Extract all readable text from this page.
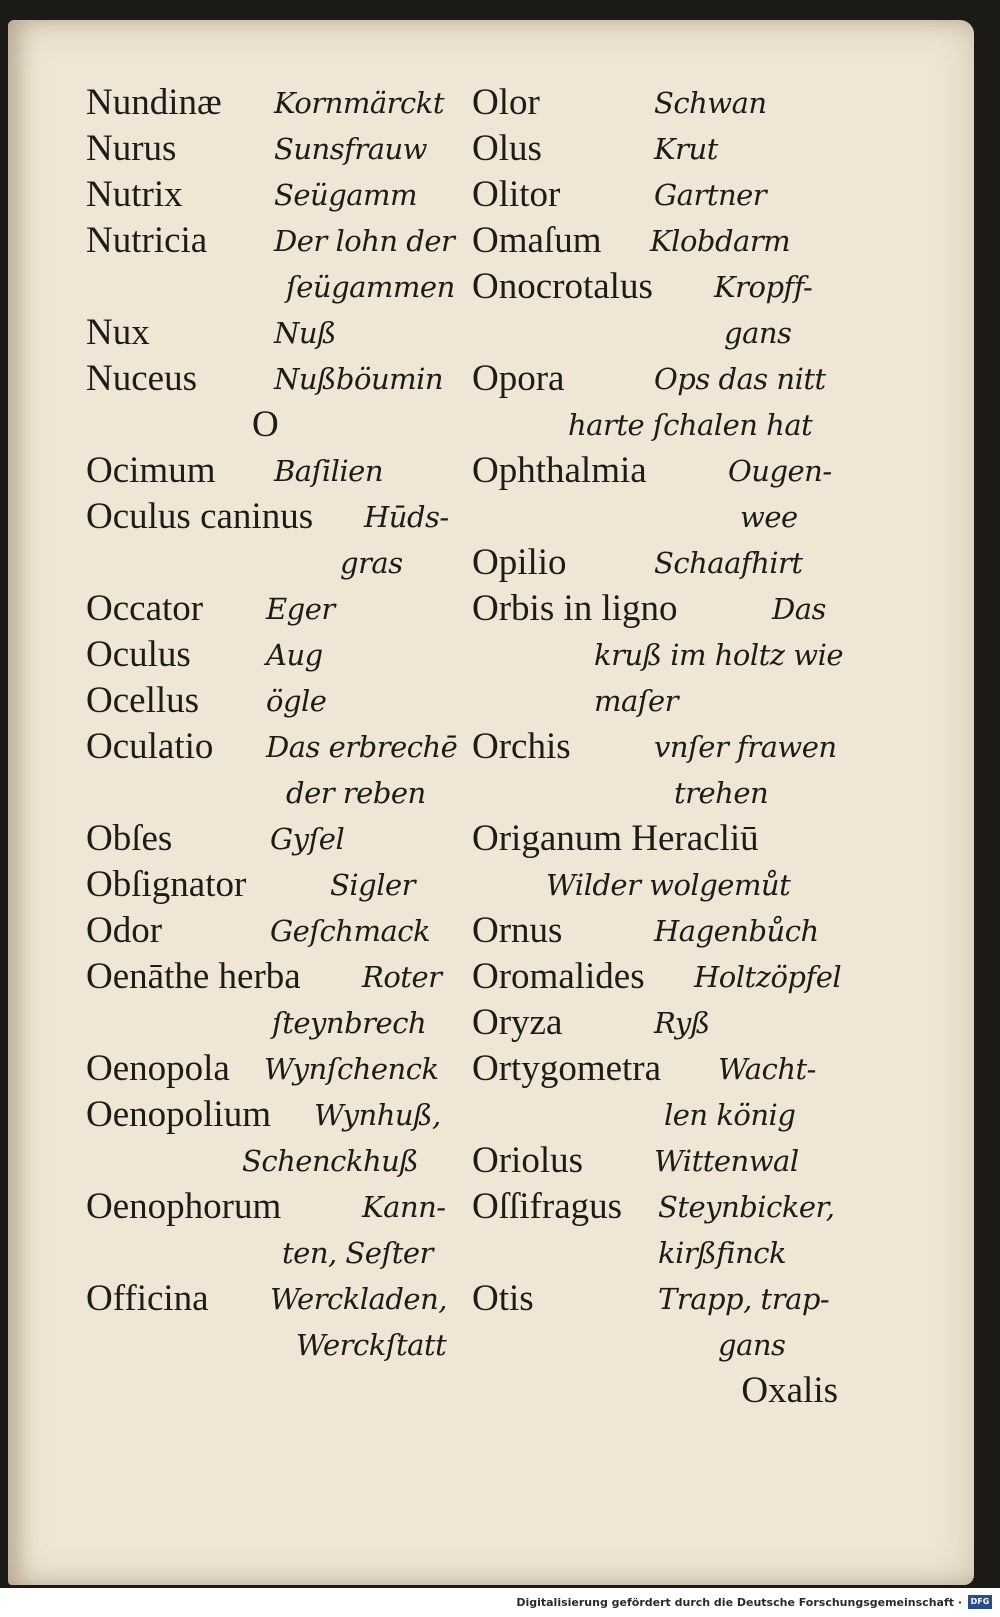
Nundinæ Kornmärckt
Nurus	Sunsfrauw
Nutrix	Seügamm
Nutricia Der lohn der
ſeügammen
Nux	Nuß
Nuceus	Nußböumin
O
Ocimum Baſilien
Oculus caninus Hūds-
gras
Occator Eger
Oculus	Aug
Ocellus ögle
Oculatio Das erbrechē
der reben
Obſes	Gyſel
Obſignator	Sigler
Odor	Geſchmack
Oenāthe herba Roter
ſteynbrech
Oenopola Wynſchenck
Oenopolium Wynhuß,
Schenckhuß
Oenophorum	Kann-
ten, Seſter
Officina Werckladen,
Werckſtatt
Olor	Schwan
Olus	Krut
Olitor	Gartner
Omaſum Klobdarm
Onocrotalus Kropff-
gans
Opora	Ops das nitt
harte ſchalen hat
Ophthalmia	Ougen-
wee
Opilio	Schaafhirt
Orbis in ligno	Das
kruß im holtz wie
maſer
Orchis	vnſer frawen
trehen
Origanum Heracliū
Wilder wolgemůt
Ornus	Hagenbůch
Oromalides Holtzöpfel
Oryza	Ryß
Ortygometra Wacht-
len könig
Oriolus Wittenwal
Oſſifragus Steynbicker,
kirßfinck
Otis	Trapp, trap-
gans
Oxalis
Digitalisierung gefördert durch die Deutsche Forschungsgemeinschaft ·	DFG
